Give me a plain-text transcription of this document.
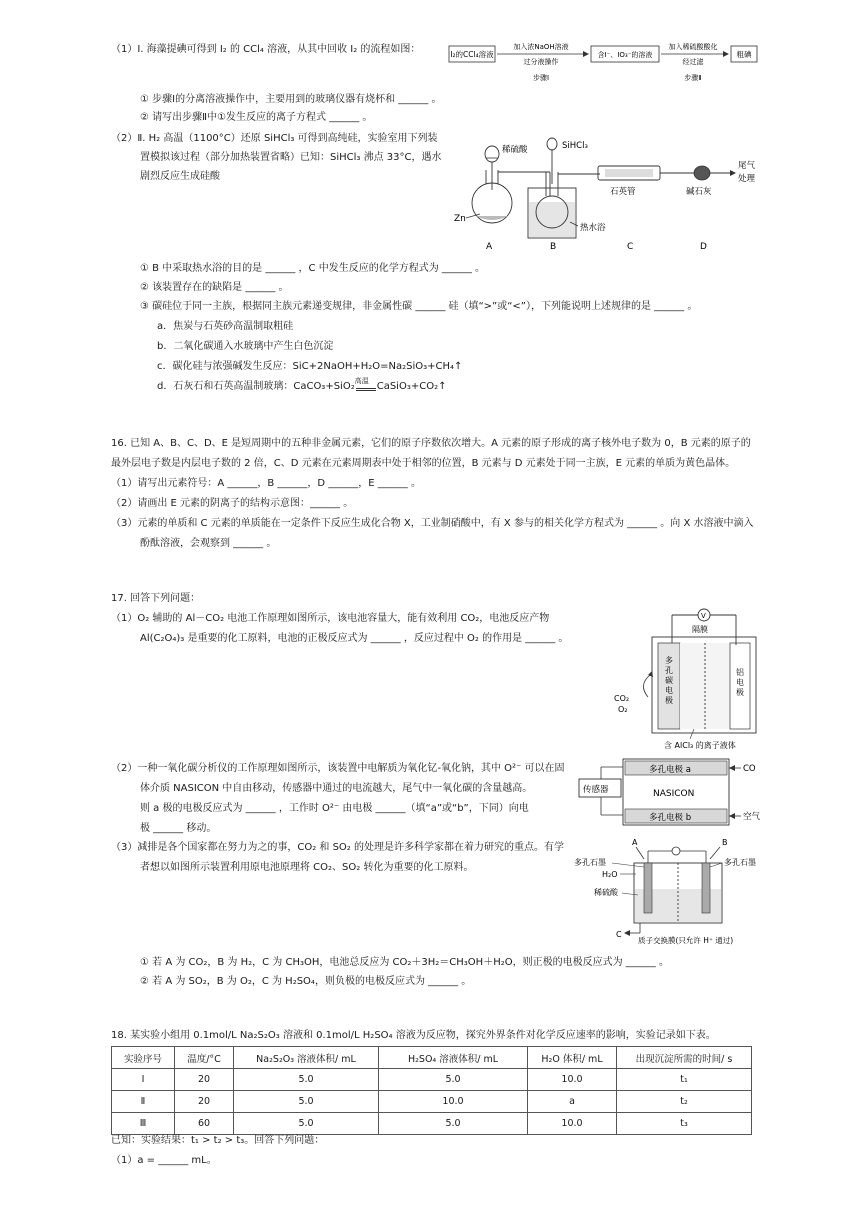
（1）Ⅰ. 海藻提碘可得到 I₂ 的 CCl₄ 溶液，从其中回收 I₂ 的流程如图：	I₂的CCl₄溶液
加入浓NaOH溶液
过分液操作
步骤Ⅰ
含I⁻、IO₃⁻的溶液
加入稀硫酸酸化
经过滤
步骤Ⅱ
粗碘
① 步骤Ⅰ的分离溶液操作中，主要用到的玻璃仪器有烧杯和 ______ 。
② 请写出步骤Ⅱ中①发生反应的离子方程式 ______ 。
（2）Ⅱ. H₂ 高温（1100°C）还原 SiHCl₃ 可得到高纯硅，实验室用下列装
置模拟该过程（部分加热装置省略）已知：SiHCl₃ 沸点 33°C，遇水
剧烈反应生成硅酸
Zn
稀硫酸	SiHCl₃
热水浴
石英管	碱石灰
尾气
处理
A	B	C	D
① B 中采取热水浴的目的是 ______ ，C 中发生反应的化学方程式为 ______ 。
② 该装置存在的缺陷是 ______ 。
③ 碳硅位于同一主族，根据同主族元素递变规律，非金属性碳 ______ 硅（填“>”或“<”），下列能说明上述规律的是 ______ 。
a．焦炭与石英砂高温制取粗硅
b．二氧化碳通入水玻璃中产生白色沉淀
c．碳化硅与浓强碱发生反应：SiC+2NaOH+H₂O=Na₂SiO₃+CH₄↑
d．石灰石和石英高温制玻璃：CaCO₃+SiO₂ 高温 CaSiO₃+CO₂↑
16. 已知 A、B、C、D、E 是短周期中的五种非金属元素，它们的原子序数依次增大。A 元素的原子形成的离子核外电子数为 0，B 元素的原子的
最外层电子数是内层电子数的 2 倍，C、D 元素在元素周期表中处于相邻的位置，B 元素与 D 元素处于同一主族，E 元素的单质为黄色晶体。
（1）请写出元素符号：A ______，B ______，D ______，E ______ 。
（2）请画出 E 元素的阴离子的结构示意图：______ 。
（3）元素的单质和 C 元素的单质能在一定条件下反应生成化合物 X，工业制硝酸中，有 X 参与的相关化学方程式为 ______ 。向 X 水溶液中滴入
酚酞溶液，会观察到 ______ 。
17. 回答下列问题：
（1）O₂ 辅助的 Al－CO₂ 电池工作原理如图所示，该电池容量大，能有效利用 CO₂，电池反应产物
Al(C₂O₄)₃ 是重要的化工原料，电池的正极反应式为 ______ ，反应过程中 O₂ 的作用是 ______ 。
V
隔膜
多孔碳电极
铝电极
CO₂
O₂
含 AlCl₃ 的离子液体
（2）一种一氧化碳分析仪的工作原理如图所示，该装置中电解质为氧化钇-氧化钠，其中 O²⁻ 可以在固
体介质 NASICON 中自由移动，传感器中通过的电流越大，尾气中一氧化碳的含量越高。
则 a 极的电极反应式为 ______ ，工作时 O²⁻ 由电极 ______（填“a”或“b”，下同）向电
极 ______ 移动。
传感器
多孔电极 a
NASICON
多孔电极 b
CO
空气
（3）减排是各个国家都在努力为之的事，CO₂ 和 SO₂ 的处理是许多科学家都在着力研究的重点。有学
者想以如图所示装置利用原电池原理将 CO₂、SO₂ 转化为重要的化工原料。
A	B
多孔石墨
H₂O
多孔石墨
稀硫酸
C
质子交换膜(只允许 H⁺ 通过)
① 若 A 为 CO₂，B 为 H₂，C 为 CH₃OH，电池总反应为 CO₂＋3H₂＝CH₃OH＋H₂O，则正极的电极反应式为 ______ 。
② 若 A 为 SO₂，B 为 O₂，C 为 H₂SO₄，则负极的电极反应式为 ______ 。
18. 某实验小组用 0.1mol/L Na₂S₂O₃ 溶液和 0.1mol/L H₂SO₄ 溶液为反应物，探究外界条件对化学反应速率的影响，实验记录如下表。
实验序号	温度/°C	Na₂S₂O₃ 溶液体积/ mL	H₂SO₄ 溶液体积/ mL	H₂O 体积/ mL	出现沉淀所需的时间/ s
Ⅰ	20	5.0	5.0	10.0	t₁
Ⅱ	20	5.0	10.0	a	t₂
Ⅲ	60	5.0	5.0	10.0	t₃
已知：实验结果：t₁ > t₂ > t₃。回答下列问题：
（1）a = ______ mL。
